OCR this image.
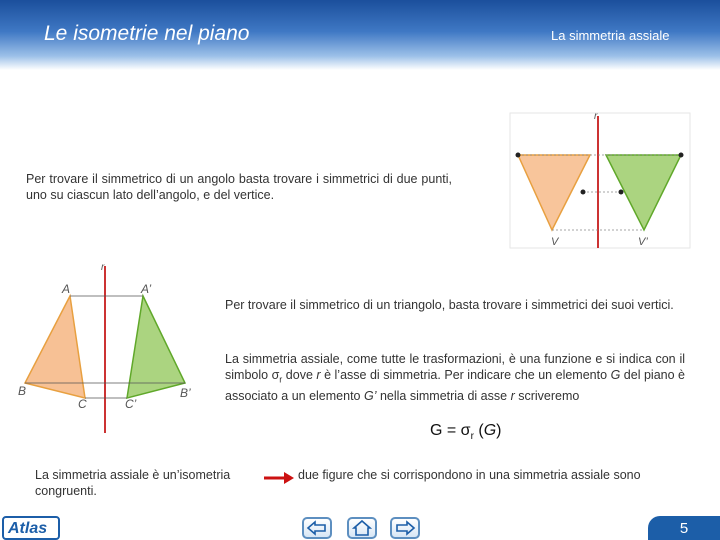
Le isometrie nel piano	La simmetria assiale
r
V	V’
r
A	A’
B	B’
C	C’
Per trovare il simmetrico di un angolo basta trovare i simmetrici di due punti, uno su ciascun lato dell’angolo, e del vertice.
Per trovare il simmetrico di un triangolo, basta trovare i simmetrici dei suoi vertici.
La simmetria assiale, come tutte le trasformazioni, è una funzione e si indica con il simbolo $\sigma_r$ dove r è l’asse di simmetria. Per indicare che un elemento G del piano è associato a un elemento G’ nella simmetria di asse r scriveremo
$G = \sigma_r$ (G)
La simmetria assiale è un’isometria congruenti.
due figure che si corrispondono in una simmetria assiale sono
Atlas	5
